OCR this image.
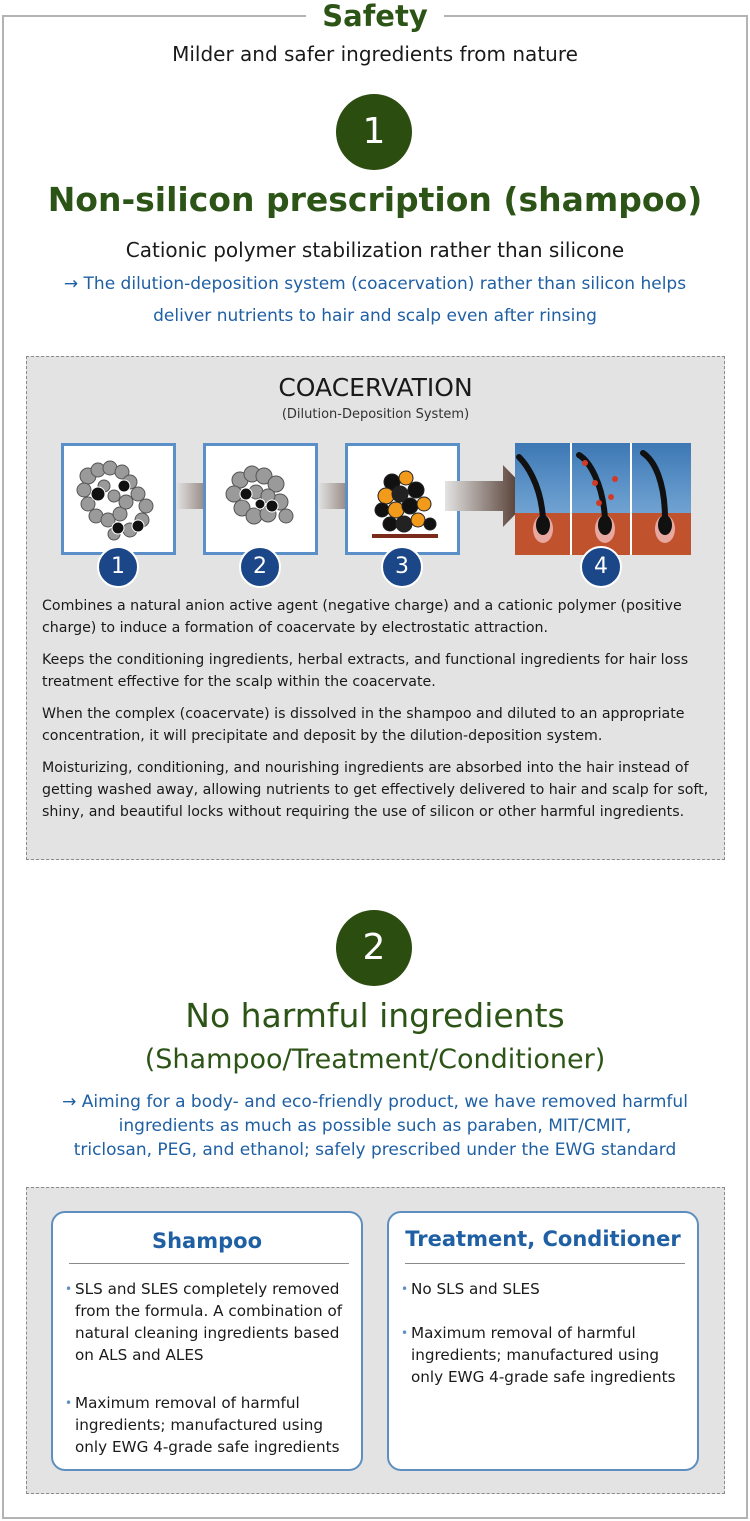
Safety
Milder and safer ingredients from nature
1
Non-silicon prescription (shampoo)
Cationic polymer stabilization rather than silicone
→ The dilution-deposition system (coacervation) rather than silicon helps
deliver nutrients to hair and scalp even after rinsing
COACERVATION
(Dilution-Deposition System)
1	2	3	4
Combines a natural anion active agent (negative charge) and a cationic polymer (positive charge) to induce a formation of coacervate by electrostatic attraction.
Keeps the conditioning ingredients, herbal extracts, and functional ingredients for hair loss treatment effective for the scalp within the coacervate.
When the complex (coacervate) is dissolved in the shampoo and diluted to an appropriate concentration, it will precipitate and deposit by the dilution-deposition system.
Moisturizing, conditioning, and nourishing ingredients are absorbed into the hair instead of getting washed away, allowing nutrients to get effectively delivered to hair and scalp for soft, shiny, and beautiful locks without requiring the use of silicon or other harmful ingredients.
2
No harmful ingredients
(Shampoo/Treatment/Conditioner)
→ Aiming for a body- and eco-friendly product, we have removed harmful
ingredients as much as possible such as paraben, MIT/CMIT,
triclosan, PEG, and ethanol; safely prescribed under the EWG standard
Shampoo
• SLS and SLES completely removed from the formula. A combination of natural cleaning ingredients based on ALS and ALES
• Maximum removal of harmful ingredients; manufactured using only EWG 4-grade safe ingredients
Treatment, Conditioner
• No SLS and SLES
• Maximum removal of harmful ingredients; manufactured using only EWG 4-grade safe ingredients
